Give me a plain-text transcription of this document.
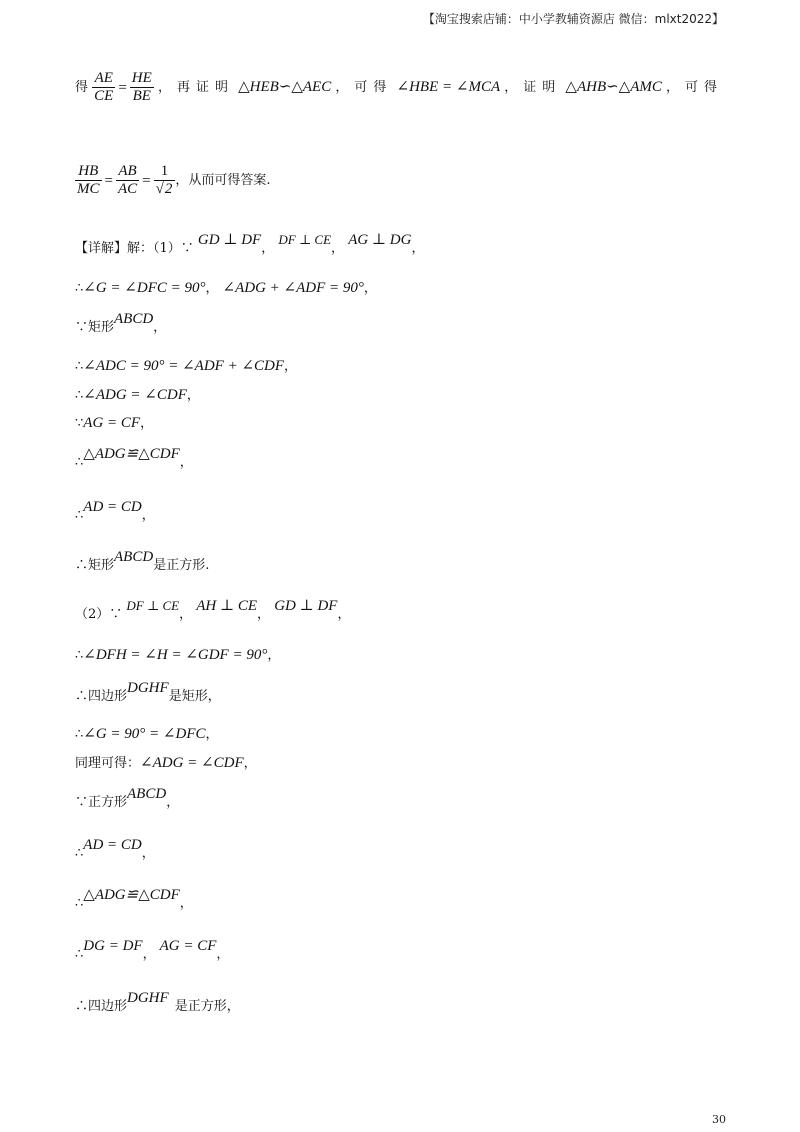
【淘宝搜索店铺：中小学教辅资源店 微信：mlxt2022】
得 $\frac{AE}{CE} = \frac{HE}{BE}$ ，再证明 △HEB∽△AEC ，可得 ∠HBE = ∠MCA ，证明 △AHB∽△AMC ，可得
$\frac{HB}{MC} = \frac{AB}{AC} = \frac{1}{√2}$ ，从而可得答案.
【详解】解：（1）∵ GD ⊥ DF， DF ⊥ CE， AG ⊥ DG，
∴∠G = ∠DFC = 90°， ∠ADG + ∠ADF = 90°，
∵矩形ABCD，
∴∠ADC = 90° = ∠ADF + ∠CDF，
∴∠ADG = ∠CDF，
∵AG = CF，
∴△ADG≌△CDF，
∴AD = CD，
∴矩形ABCD是正方形.
（2）∵ DF ⊥ CE， AH ⊥ CE， GD ⊥ DF，
∴∠DFH = ∠H = ∠GDF = 90°，
∴四边形DGHF是矩形，
∴∠G = 90° = ∠DFC，
同理可得：∠ADG = ∠CDF，
∵正方形ABCD，
∴AD = CD，
∴△ADG≌△CDF，
∴DG = DF，AG = CF，
∴四边形DGHF是正方形，
30
